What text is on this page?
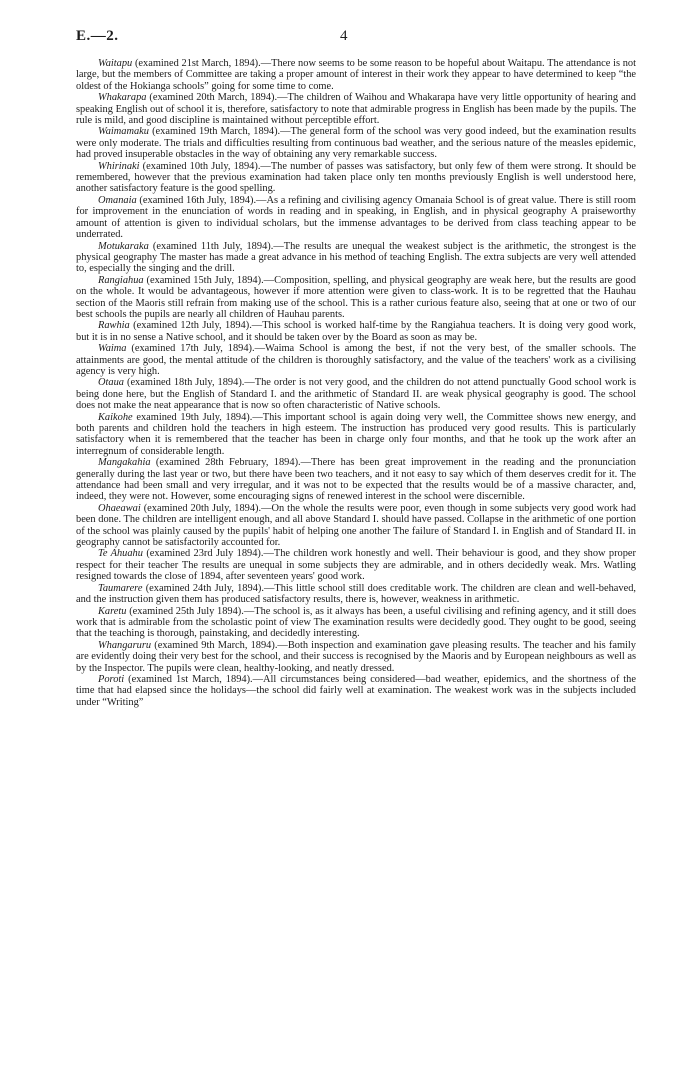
E.—2.	4

Waitapu (examined 21st March, 1894).—There now seems to be some reason to be hopeful about Waitapu. The attendance is not large, but the members of Committee are taking a proper amount of interest in their work they appear to have determined to keep “the oldest of the Hokianga schools” going for some time to come.

Whakarapa (examined 20th March, 1894).—The children of Waihou and Whakarapa have very little opportunity of hearing and speaking English out of school it is, therefore, satisfactory to note that admirable progress in English has been made by the pupils. The rule is mild, and good discipline is maintained without perceptible effort.

Waimamaku (examined 19th March, 1894).—The general form of the school was very good indeed, but the examination results were only moderate. The trials and difficulties resulting from continuous bad weather, and the serious nature of the measles epidemic, had proved insuperable obstacles in the way of obtaining any very remarkable success.

Whirinaki (examined 10th July, 1894).—The number of passes was satisfactory, but only few of them were strong. It should be remembered, however that the previous examination had taken place only ten months previously English is well understood here, another satisfactory feature is the good spelling.

Omanaia (examined 16th July, 1894).—As a refining and civilising agency Omanaia School is of great value. There is still room for improvement in the enunciation of words in reading and in speaking, in English, and in physical geography A praiseworthy amount of attention is given to individual scholars, but the immense advantages to be derived from class teaching appear to be underrated.

Motukaraka (examined 11th July, 1894).—The results are unequal the weakest subject is the arithmetic, the strongest is the physical geography The master has made a great advance in his method of teaching English. The extra subjects are very well attended to, especially the singing and the drill.

Rangiahua (examined 15th July, 1894).—Composition, spelling, and physical geography are weak here, but the results are good on the whole. It would be advantageous, however if more attention were given to class-work. It is to be regretted that the Hauhau section of the Maoris still refrain from making use of the school. This is a rather curious feature also, seeing that at one or two of our best schools the pupils are nearly all children of Hauhau parents.

Rawhia (examined 12th July, 1894).—This school is worked half-time by the Rangiahua teachers. It is doing very good work, but it is in no sense a Native school, and it should be taken over by the Board as soon as may be.

Waima (examined 17th July, 1894).—Waima School is among the best, if not the very best, of the smaller schools. The attainments are good, the mental attitude of the children is thoroughly satisfactory, and the value of the teachers' work as a civilising agency is very high.

Otaua (examined 18th July, 1894).—The order is not very good, and the children do not attend punctually Good school work is being done here, but the English of Standard I. and the arithmetic of Standard II. are weak physical geography is good. The school does not make the neat appearance that is now so often characteristic of Native schools.

Kaikohe examined 19th July, 1894).—This important school is again doing very well, the Committee shows new energy, and both parents and children hold the teachers in high esteem. The instruction has produced very good results. This is particularly satisfactory when it is remembered that the teacher has been in charge only four months, and that he took up the work after an interregnum of considerable length.

Mangakahia (examined 28th February, 1894).—There has been great improvement in the reading and the pronunciation generally during the last year or two, but there have been two teachers, and it not easy to say which of them deserves credit for it. The attendance had been small and very irregular, and it was not to be expected that the results would be of a massive character, and, indeed, they were not. However, some encouraging signs of renewed interest in the school were discernible.

Ohaeawai (examined 20th July, 1894).—On the whole the results were poor, even though in some subjects very good work had been done. The children are intelligent enough, and all above Standard I. should have passed. Collapse in the arithmetic of one portion of the school was plainly caused by the pupils' habit of helping one another The failure of Standard I. in English and of Standard II. in geography cannot be satisfactorily accounted for.

Te Ahuahu (examined 23rd July 1894).—The children work honestly and well. Their behaviour is good, and they show proper respect for their teacher The results are unequal in some subjects they are admirable, and in others decidedly weak. Mrs. Watling resigned towards the close of 1894, after seventeen years' good work.

Taumarere (examined 24th July, 1894).—This little school still does creditable work. The children are clean and well-behaved, and the instruction given them has produced satisfactory results, there is, however, weakness in arithmetic.

Karetu (examined 25th July 1894).—The school is, as it always has been, a useful civilising and refining agency, and it still does work that is admirable from the scholastic point of view The examination results were decidedly good. They ought to be good, seeing that the teaching is thorough, painstaking, and decidedly interesting.

Whangaruru (examined 9th March, 1894).—Both inspection and examination gave pleasing results. The teacher and his family are evidently doing their very best for the school, and their success is recognised by the Maoris and by European neighbours as well as by the Inspector. The pupils were clean, healthy-looking, and neatly dressed.

Poroti (examined 1st March, 1894).—All circumstances being considered—bad weather, epidemics, and the shortness of the time that had elapsed since the holidays—the school did fairly well at examination. The weakest work was in the subjects included under “Writing”
